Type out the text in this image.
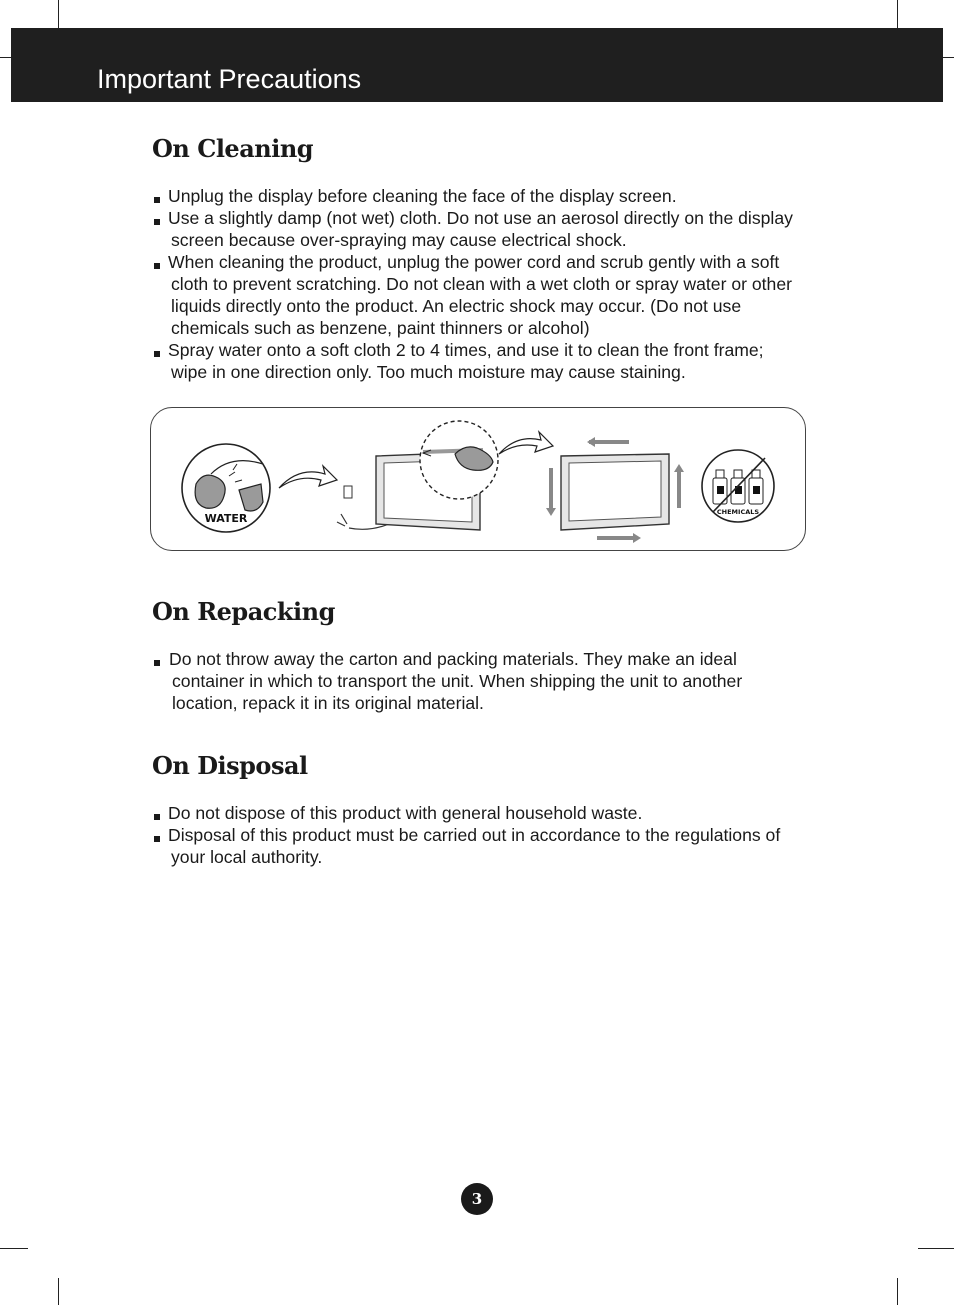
Important Precautions
On Cleaning
Unplug the display before cleaning the face of the display screen.
Use a slightly damp (not wet) cloth. Do not use an aerosol directly on the display
screen because over-spraying may cause electrical shock.
When cleaning the product, unplug the power cord and scrub gently with a soft
cloth to prevent scratching. Do not clean with a wet cloth or spray water or other
liquids directly onto the product. An electric shock may occur. (Do not use
chemicals such as benzene, paint thinners or alcohol)
Spray water onto a soft cloth 2 to 4 times, and use it to clean the front frame;
wipe in one direction only. Too much moisture may cause staining.
WATER	CHEMICALS
On Repacking
Do not throw away the carton and packing materials. They make an ideal
container in which to transport the unit. When shipping the unit to another
location, repack it in its original material.
On Disposal
Do not dispose of this product with general household waste.
Disposal of this product must be carried out in accordance to the regulations of
your local authority.
3
